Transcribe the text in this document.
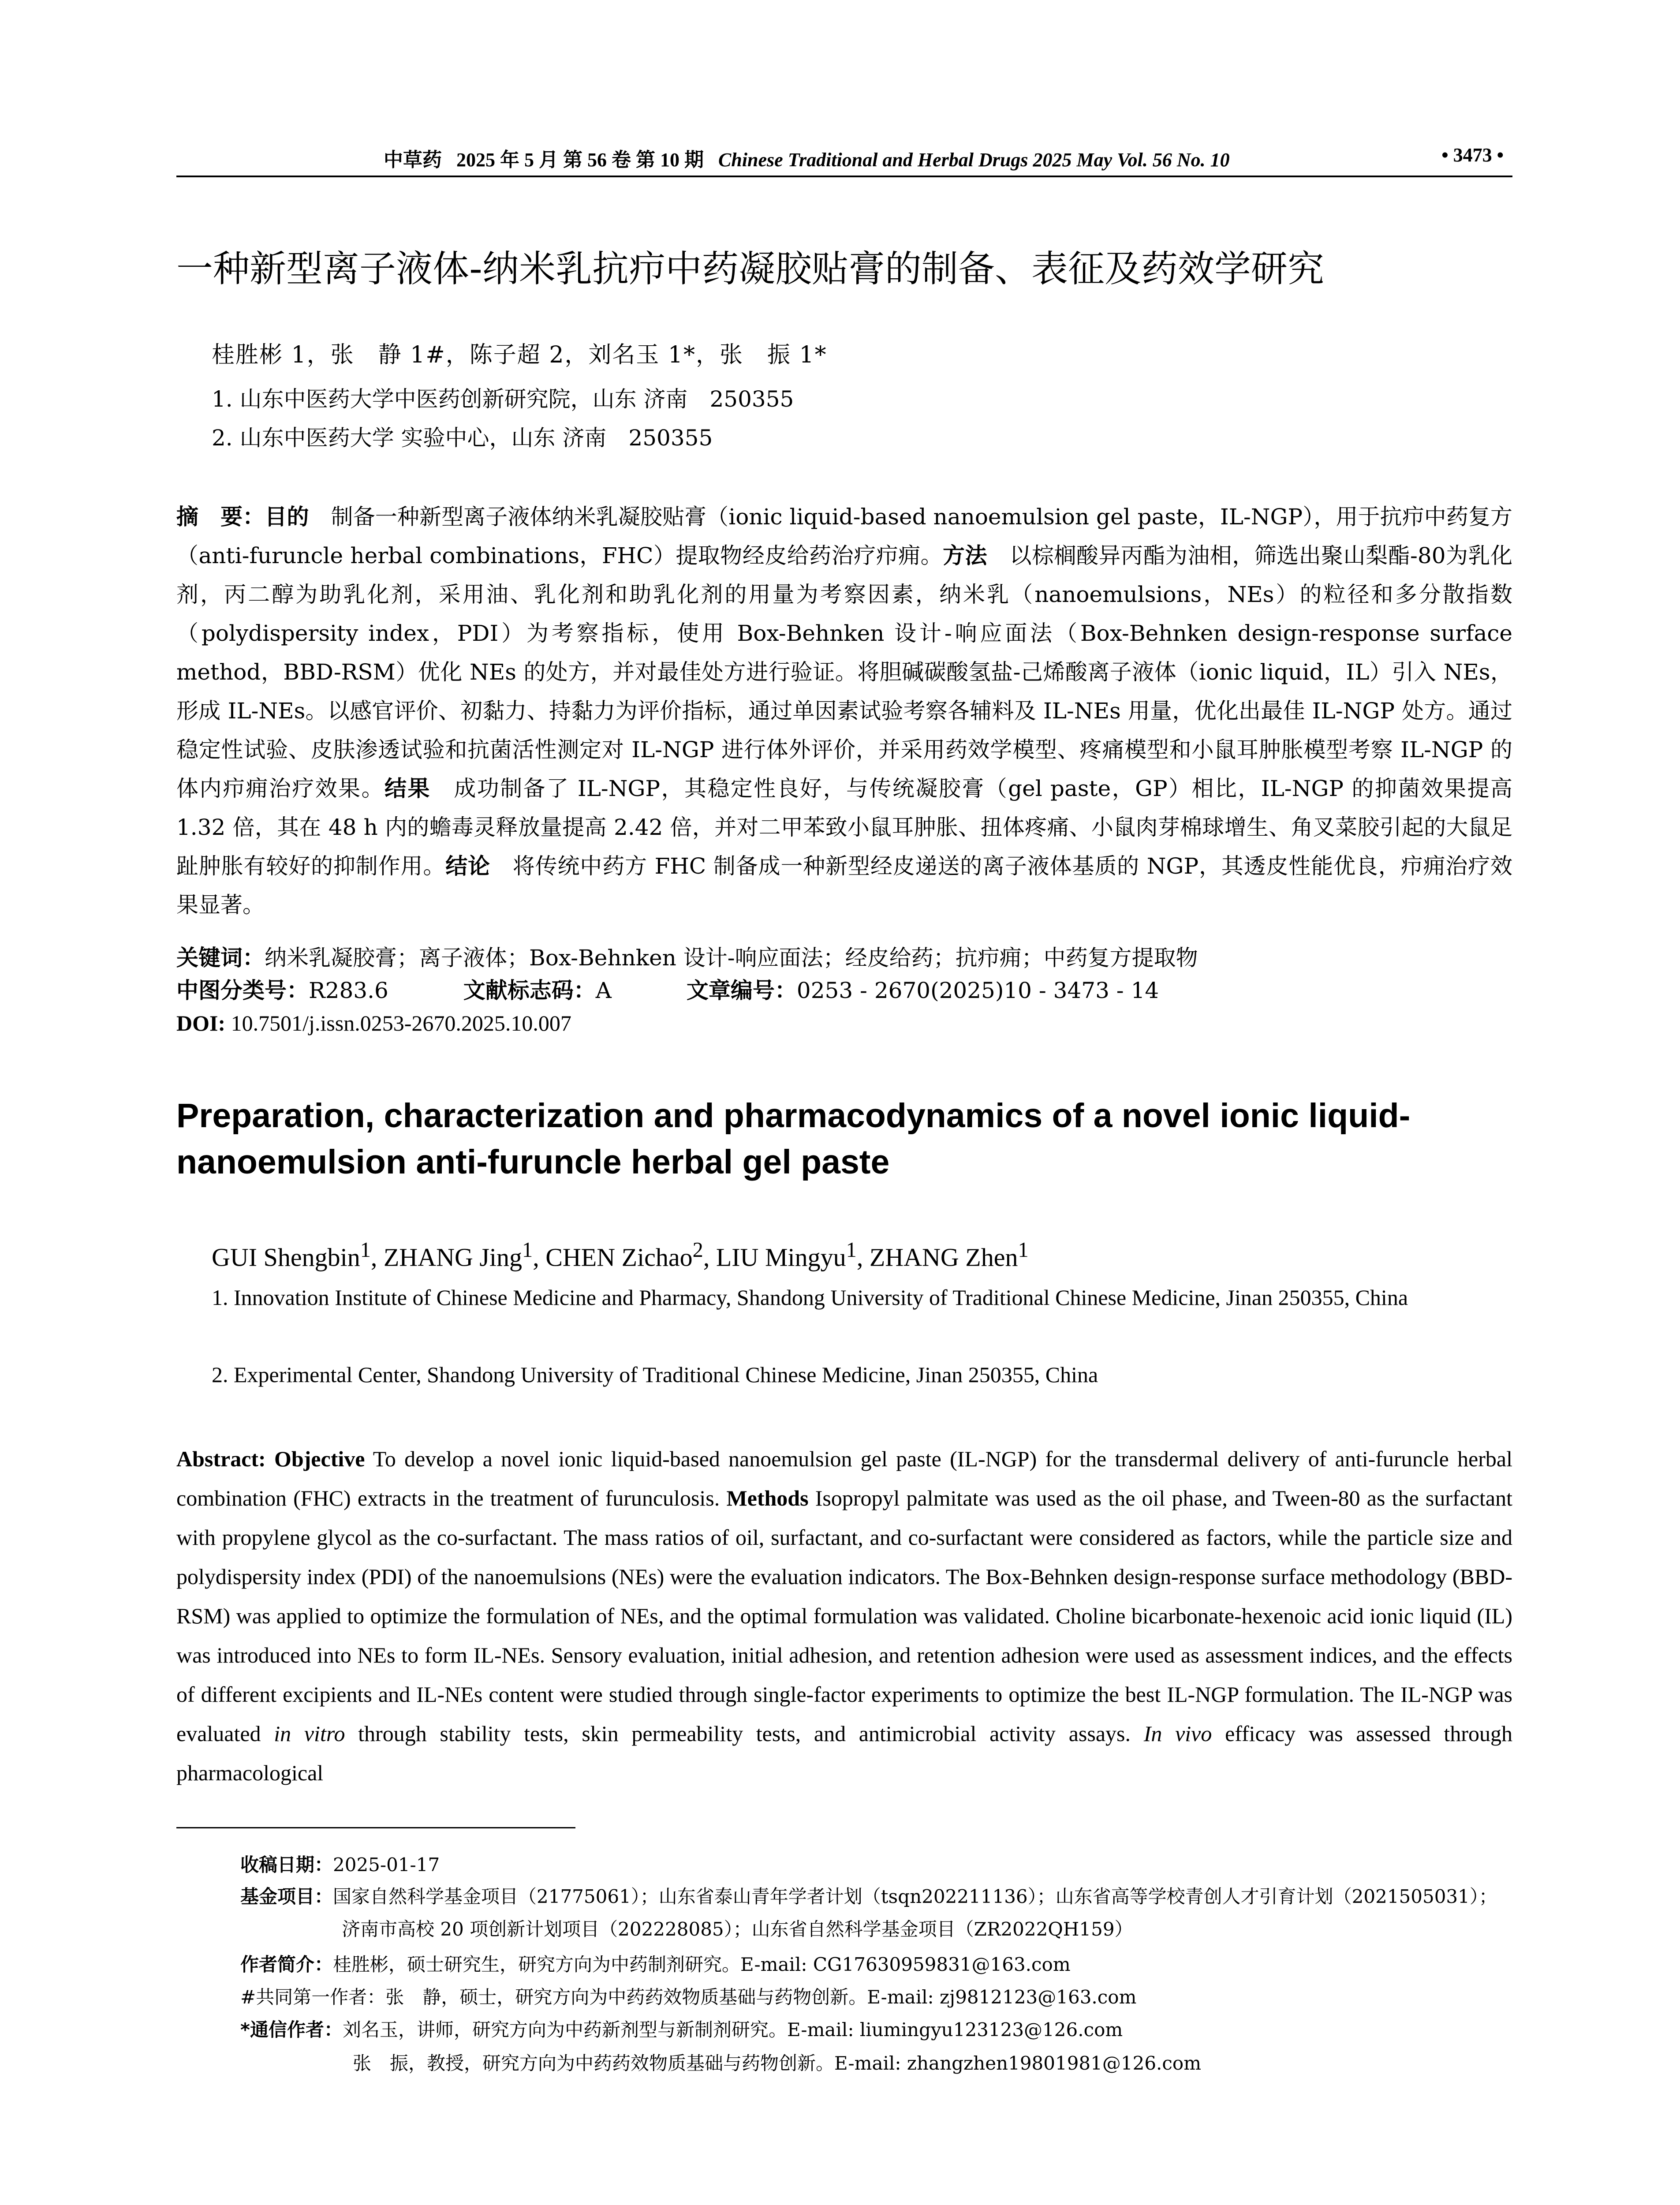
中草药 2025 年 5 月 第 56 卷 第 10 期 Chinese Traditional and Herbal Drugs 2025 May Vol. 56 No. 10	• 3473 •
一种新型离子液体-纳米乳抗疖中药凝胶贴膏的制备、表征及药效学研究
桂胜彬 1，张　静 1#，陈子超 2，刘名玉 1*，张　振 1*
1. 山东中医药大学中医药创新研究院，山东 济南　250355
2. 山东中医药大学 实验中心，山东 济南　250355
摘　要：目的　制备一种新型离子液体纳米乳凝胶贴膏（ionic liquid-based nanoemulsion gel paste，IL-NGP），用于抗疖中药复方（anti-furuncle herbal combinations，FHC）提取物经皮给药治疗疖痈。方法　以棕榈酸异丙酯为油相，筛选出聚山梨酯-80为乳化剂，丙二醇为助乳化剂，采用油、乳化剂和助乳化剂的用量为考察因素，纳米乳（nanoemulsions，NEs）的粒径和多分散指数（polydispersity index，PDI）为考察指标，使用 Box-Behnken 设计-响应面法（Box-Behnken design-response surface method，BBD-RSM）优化 NEs 的处方，并对最佳处方进行验证。将胆碱碳酸氢盐-己烯酸离子液体（ionic liquid，IL）引入 NEs，形成 IL-NEs。以感官评价、初黏力、持黏力为评价指标，通过单因素试验考察各辅料及 IL-NEs 用量，优化出最佳 IL-NGP 处方。通过稳定性试验、皮肤渗透试验和抗菌活性测定对 IL-NGP 进行体外评价，并采用药效学模型、疼痛模型和小鼠耳肿胀模型考察 IL-NGP 的体内疖痈治疗效果。结果　成功制备了 IL-NGP，其稳定性良好，与传统凝胶膏（gel paste，GP）相比，IL-NGP 的抑菌效果提高 1.32 倍，其在 48 h 内的蟾毒灵释放量提高 2.42 倍，并对二甲苯致小鼠耳肿胀、扭体疼痛、小鼠肉芽棉球增生、角叉菜胶引起的大鼠足趾肿胀有较好的抑制作用。结论　将传统中药方 FHC 制备成一种新型经皮递送的离子液体基质的 NGP，其透皮性能优良，疖痈治疗效果显著。
关键词：纳米乳凝胶膏；离子液体；Box-Behnken 设计-响应面法；经皮给药；抗疖痈；中药复方提取物
中图分类号：R283.6	文献标志码：A	文章编号：0253 - 2670(2025)10 - 3473 - 14
DOI: 10.7501/j.issn.0253-2670.2025.10.007
Preparation, characterization and pharmacodynamics of a novel ionic liquid-nanoemulsion anti-furuncle herbal gel paste
GUI Shengbin$^1$, ZHANG Jing$^1$, CHEN Zichao$^2$, LIU Mingyu$^1$, ZHANG Zhen$^1$
1. Innovation Institute of Chinese Medicine and Pharmacy, Shandong University of Traditional Chinese Medicine, Jinan 250355, China
2. Experimental Center, Shandong University of Traditional Chinese Medicine, Jinan 250355, China
Abstract: Objective To develop a novel ionic liquid-based nanoemulsion gel paste (IL-NGP) for the transdermal delivery of anti-furuncle herbal combination (FHC) extracts in the treatment of furunculosis. Methods Isopropyl palmitate was used as the oil phase, and Tween-80 as the surfactant with propylene glycol as the co-surfactant. The mass ratios of oil, surfactant, and co-surfactant were considered as factors, while the particle size and polydispersity index (PDI) of the nanoemulsions (NEs) were the evaluation indicators. The Box-Behnken design-response surface methodology (BBD-RSM) was applied to optimize the formulation of NEs, and the optimal formulation was validated. Choline bicarbonate-hexenoic acid ionic liquid (IL) was introduced into NEs to form IL-NEs. Sensory evaluation, initial adhesion, and retention adhesion were used as assessment indices, and the effects of different excipients and IL-NEs content were studied through single-factor experiments to optimize the best IL-NGP formulation. The IL-NGP was evaluated in vitro through stability tests, skin permeability tests, and antimicrobial activity assays. In vivo efficacy was assessed through pharmacological
收稿日期：2025-01-17
基金项目：国家自然科学基金项目（21775061）；山东省泰山青年学者计划（tsqn202211136）；山东省高等学校青创人才引育计划（2021505031）；
济南市高校 20 项创新计划项目（202228085）；山东省自然科学基金项目（ZR2022QH159）
作者简介：桂胜彬，硕士研究生，研究方向为中药制剂研究。E-mail: CG17630959831@163.com
#共同第一作者：张　静，硕士，研究方向为中药药效物质基础与药物创新。E-mail: zj9812123@163.com
*通信作者：刘名玉，讲师，研究方向为中药新剂型与新制剂研究。E-mail: liumingyu123123@126.com
张　振，教授，研究方向为中药药效物质基础与药物创新。E-mail: zhangzhen19801981@126.com
